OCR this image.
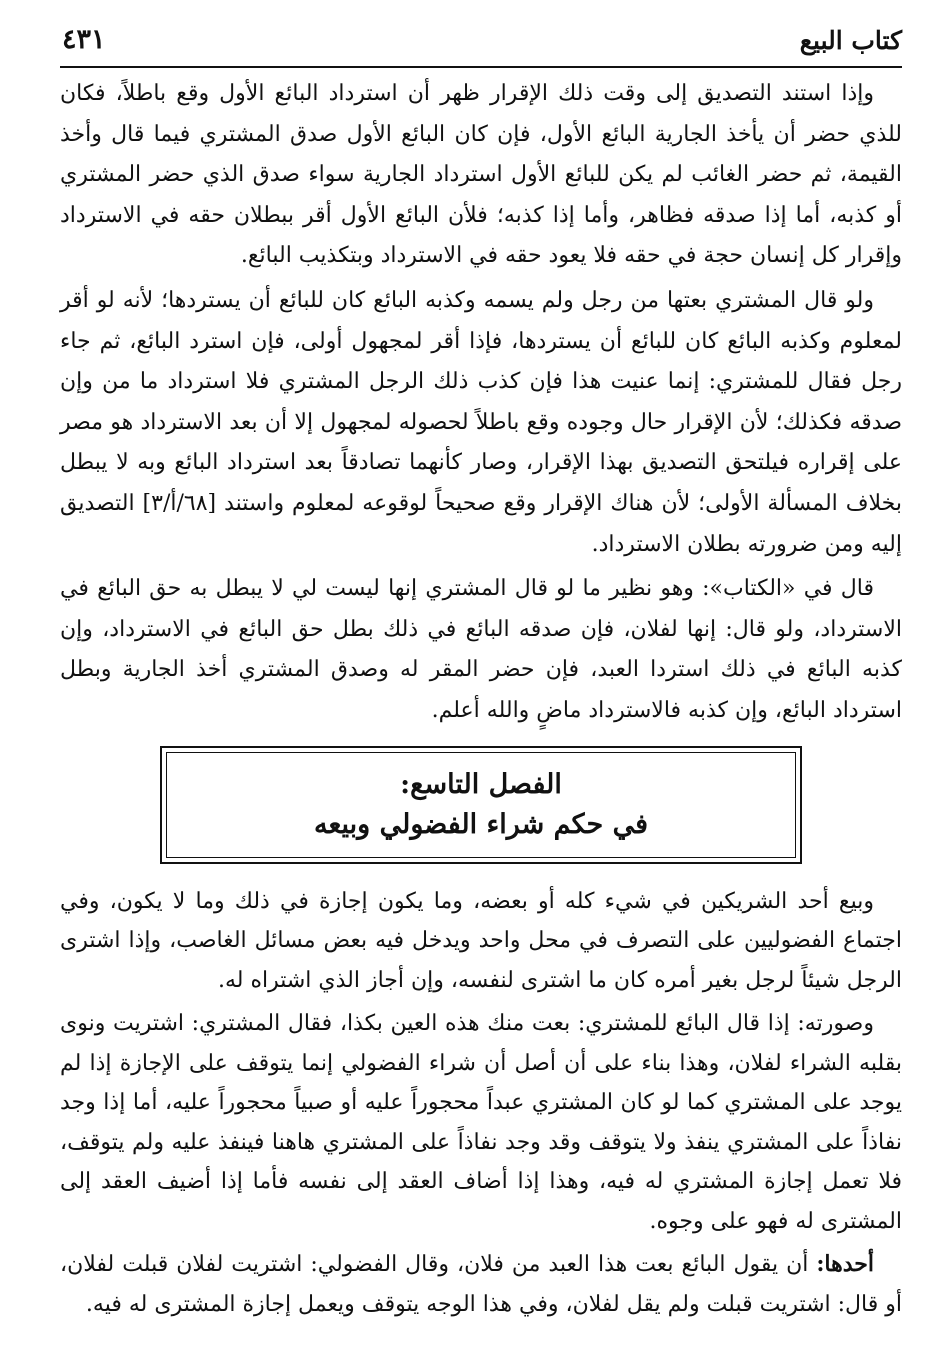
كتاب البيع
٤٣١

وإذا استند التصديق إلى وقت ذلك الإقرار ظهر أن استرداد البائع الأول وقع باطلاً، فكان للذي حضر أن يأخذ الجارية البائع الأول، فإن كان البائع الأول صدق المشتري فيما قال وأخذ القيمة، ثم حضر الغائب لم يكن للبائع الأول استرداد الجارية سواء صدق الذي حضر المشتري أو كذبه، أما إذا صدقه فظاهر، وأما إذا كذبه؛ فلأن البائع الأول أقر ببطلان حقه في الاسترداد وإقرار كل إنسان حجة في حقه فلا يعود حقه في الاسترداد وبتكذيب البائع.

ولو قال المشتري بعتها من رجل ولم يسمه وكذبه البائع كان للبائع أن يستردها؛ لأنه لو أقر لمعلوم وكذبه البائع كان للبائع أن يستردها، فإذا أقر لمجهول أولى، فإن استرد البائع، ثم جاء رجل فقال للمشتري: إنما عنيت هذا فإن كذب ذلك الرجل المشتري فلا استرداد ما من وإن صدقه فكذلك؛ لأن الإقرار حال وجوده وقع باطلاً لحصوله لمجهول إلا أن بعد الاسترداد هو مصر على إقراره فيلتحق التصديق بهذا الإقرار، وصار كأنهما تصادقاً بعد استرداد البائع وبه لا يبطل بخلاف المسألة الأولى؛ لأن هناك الإقرار وقع صحيحاً لوقوعه لمعلوم واستند [٦٨/أ/٣] التصديق إليه ومن ضرورته بطلان الاسترداد.

قال في «الكتاب»: وهو نظير ما لو قال المشتري إنها ليست لي لا يبطل به حق البائع في الاسترداد، ولو قال: إنها لفلان، فإن صدقه البائع في ذلك بطل حق البائع في الاسترداد، وإن كذبه البائع في ذلك استردا العبد، فإن حضر المقر له وصدق المشتري أخذ الجارية وبطل استرداد البائع، وإن كذبه فالاسترداد ماضٍ والله أعلم.

الفصل التاسع:
في حكم شراء الفضولي وبيعه

وبيع أحد الشريكين في شيء كله أو بعضه، وما يكون إجازة في ذلك وما لا يكون، وفي اجتماع الفضوليين على التصرف في محل واحد ويدخل فيه بعض مسائل الغاصب، وإذا اشترى الرجل شيئاً لرجل بغير أمره كان ما اشترى لنفسه، وإن أجاز الذي اشتراه له.

وصورته: إذا قال البائع للمشتري: بعت منك هذه العين بكذا، فقال المشتري: اشتريت ونوى بقلبه الشراء لفلان، وهذا بناء على أن أصل أن شراء الفضولي إنما يتوقف على الإجازة إذا لم يوجد على المشتري كما لو كان المشتري عبداً محجوراً عليه أو صبياً محجوراً عليه، أما إذا وجد نفاذاً على المشتري ينفذ ولا يتوقف وقد وجد نفاذاً على المشتري هاهنا فينفذ عليه ولم يتوقف، فلا تعمل إجازة المشتري له فيه، وهذا إذا أضاف العقد إلى نفسه فأما إذا أضيف العقد إلى المشترى له فهو على وجوه.

أحدها: أن يقول البائع بعت هذا العبد من فلان، وقال الفضولي: اشتريت لفلان قبلت لفلان، أو قال: اشتريت قبلت ولم يقل لفلان، وفي هذا الوجه يتوقف ويعمل إجازة المشترى له فيه.
